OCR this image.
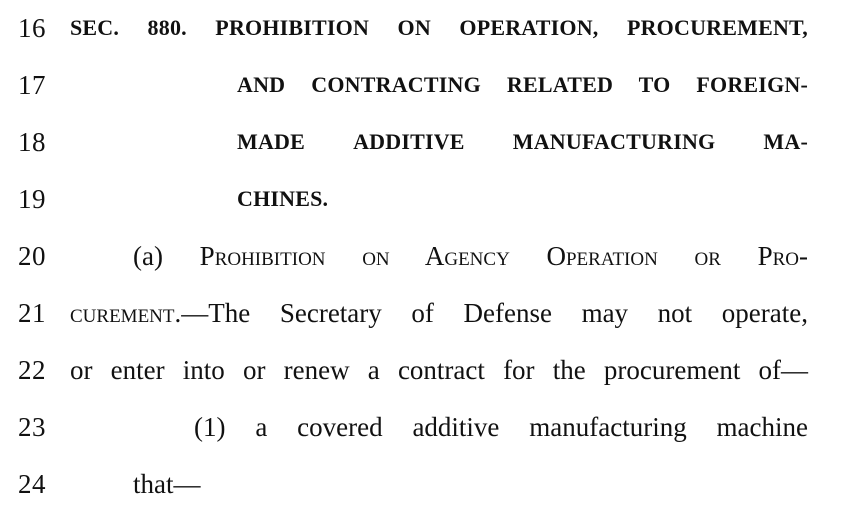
16 SEC. 880. PROHIBITION ON OPERATION, PROCUREMENT,
17	AND CONTRACTING RELATED TO FOREIGN-
18	MADE ADDITIVE MANUFACTURING MA-
19	CHINES.
20	(a) Prohibition on Agency Operation or Pro-
21 curement.—The Secretary of Defense may not operate,
22 or enter into or renew a contract for the procurement of—
23	(1) a covered additive manufacturing machine
24	that—
